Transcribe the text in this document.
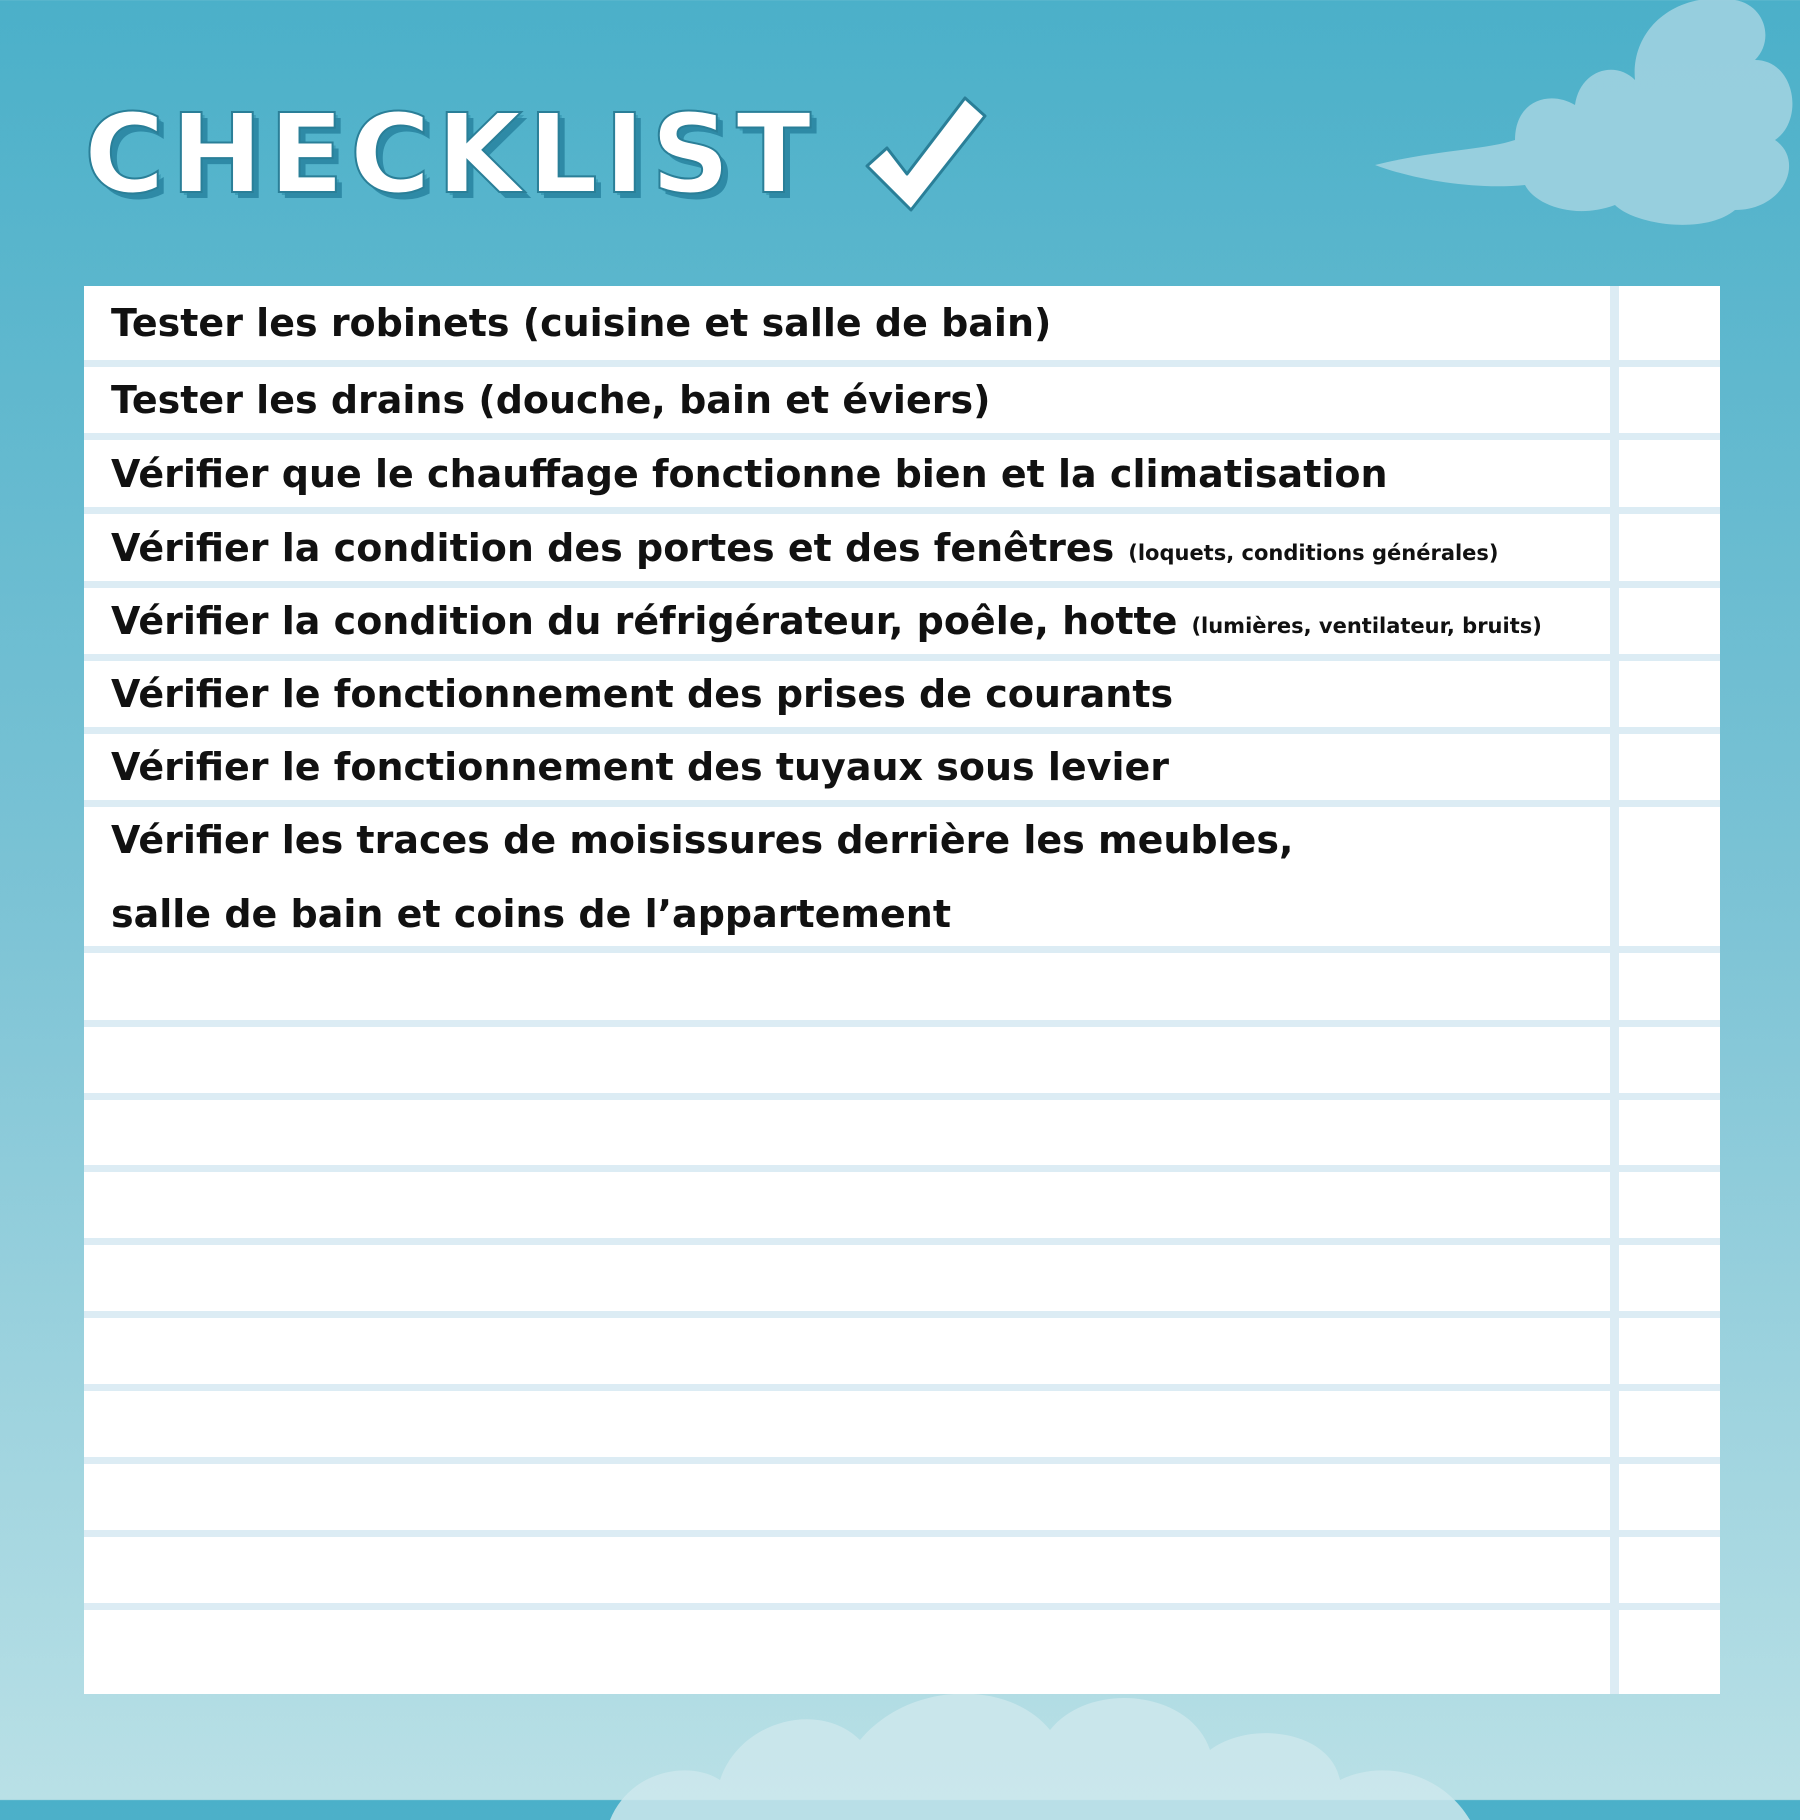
CHECKLIST
Tester les robinets (cuisine et salle de bain)
Tester les drains (douche, bain et éviers)
Vérifier que le chauffage fonctionne bien et la climatisation
Vérifier la condition des portes et des fenêtres (loquets, conditions générales)
Vérifier la condition du réfrigérateur, poêle, hotte (lumières, ventilateur, bruits)
Vérifier le fonctionnement des prises de courants
Vérifier le fonctionnement des tuyaux sous levier
Vérifier les traces de moisissures derrière les meubles,
salle de bain et coins de l’appartement
